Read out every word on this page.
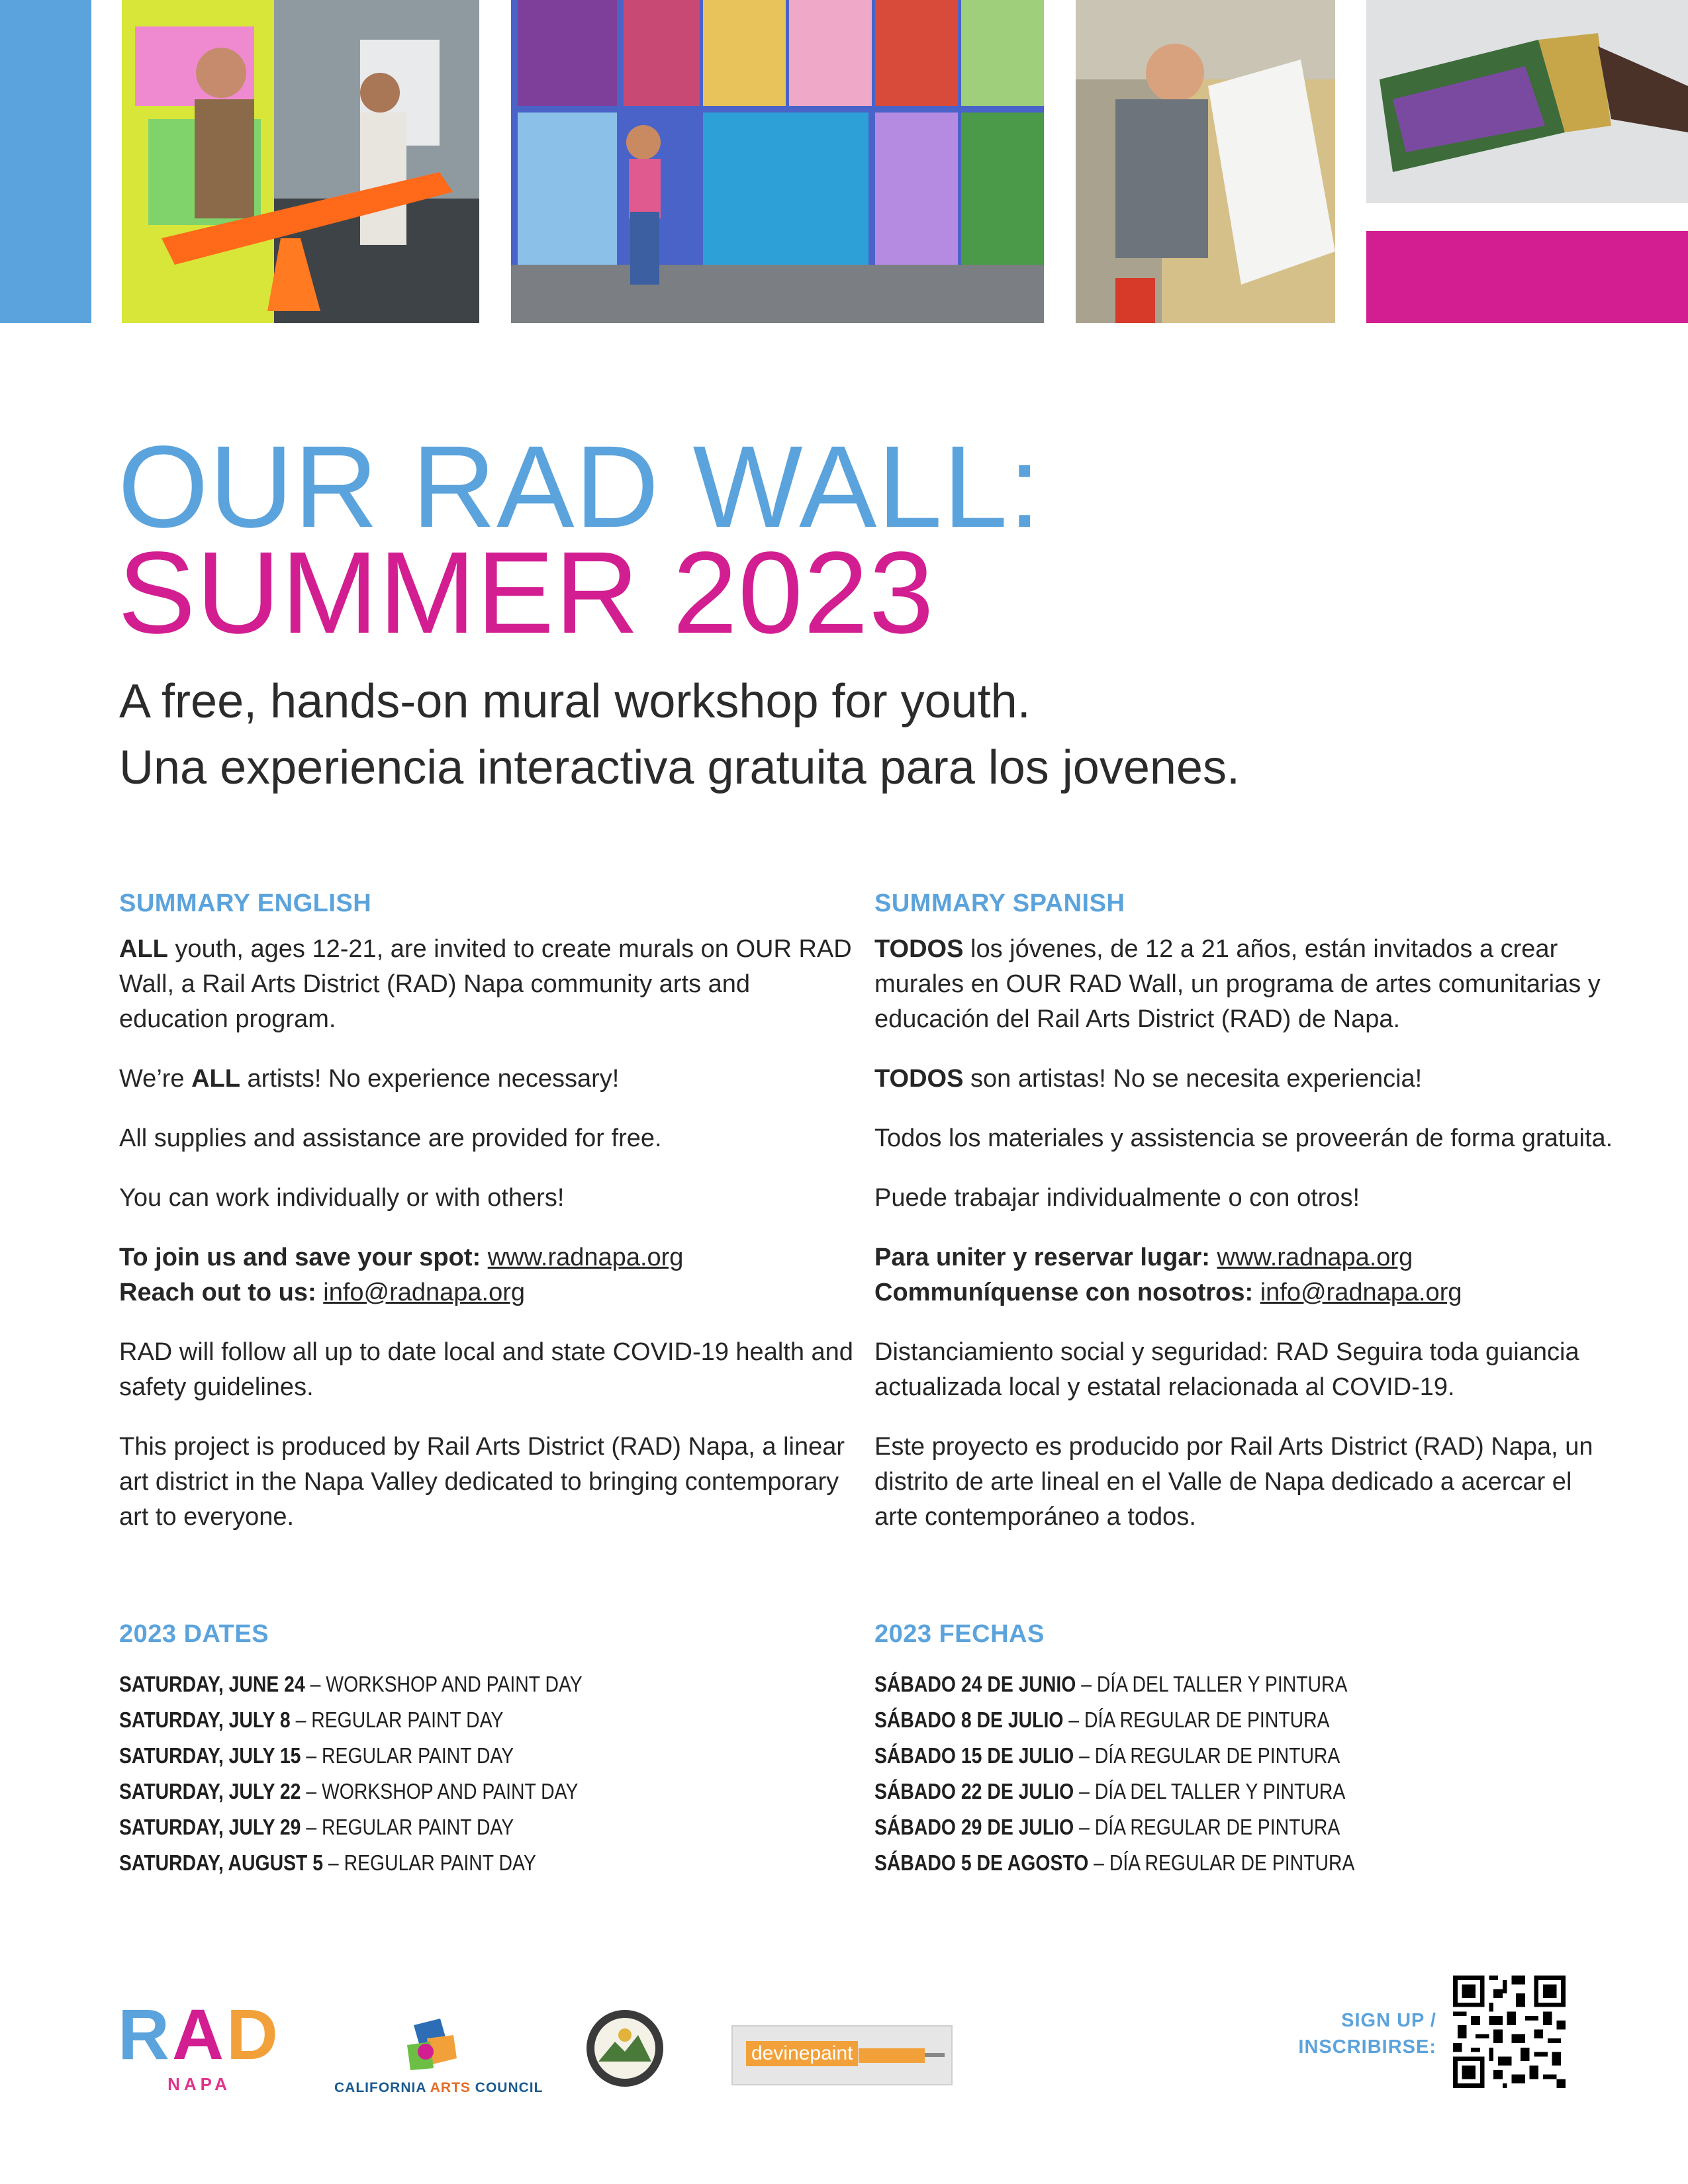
OUR RAD WALL:
SUMMER 2023
A free, hands-on mural workshop for youth.
Una experiencia interactiva gratuita para los jovenes.
SUMMARY ENGLISH

ALL youth, ages 12-21, are invited to create murals on OUR RAD Wall, a Rail Arts District (RAD) Napa community arts and education program.

We’re ALL artists! No experience necessary!

All supplies and assistance are provided for free.

You can work individually or with others!

To join us and save your spot: www.radnapa.org
Reach out to us: info@radnapa.org

RAD will follow all up to date local and state COVID-19 health and safety guidelines.

This project is produced by Rail Arts District (RAD) Napa, a linear art district in the Napa Valley dedicated to bringing contemporary art to everyone.

SUMMARY SPANISH

TODOS los jóvenes, de 12 a 21 años, están invitados a crear murales en OUR RAD Wall, un programa de artes comunitarias y educación del Rail Arts District (RAD) de Napa.

TODOS son artistas! No se necesita experiencia!

Todos los materiales y assistencia se proveerán de forma gratuita.

Puede trabajar individualmente o con otros!

Para uniter y reservar lugar: www.radnapa.org
Communíquense con nosotros: info@radnapa.org

Distanciamiento social y seguridad: RAD Seguira toda guiancia actualizada local y estatal relacionada al COVID-19.

Este proyecto es producido por Rail Arts District (RAD) Napa, un distrito de arte lineal en el Valle de Napa dedicado a acercar el arte contemporáneo a todos.

2023 DATES
SATURDAY, JUNE 24 – WORKSHOP AND PAINT DAY
SATURDAY, JULY 8 – REGULAR PAINT DAY
SATURDAY, JULY 15 – REGULAR PAINT DAY
SATURDAY, JULY 22 – WORKSHOP AND PAINT DAY
SATURDAY, JULY 29 – REGULAR PAINT DAY
SATURDAY, AUGUST 5 – REGULAR PAINT DAY
2023 FECHAS
SÁBADO 24 DE JUNIO – DÍA DEL TALLER Y PINTURA
SÁBADO 8 DE JULIO – DÍA REGULAR DE PINTURA
SÁBADO 15 DE JULIO – DÍA REGULAR DE PINTURA
SÁBADO 22 DE JULIO – DÍA DEL TALLER Y PINTURA
SÁBADO 29 DE JULIO – DÍA REGULAR DE PINTURA
SÁBADO 5 DE AGOSTO – DÍA REGULAR DE PINTURA
RAD
NAPA	CALIFORNIA ARTS COUNCIL
devinepaint
SIGN UP /
INSCRIBIRSE:
